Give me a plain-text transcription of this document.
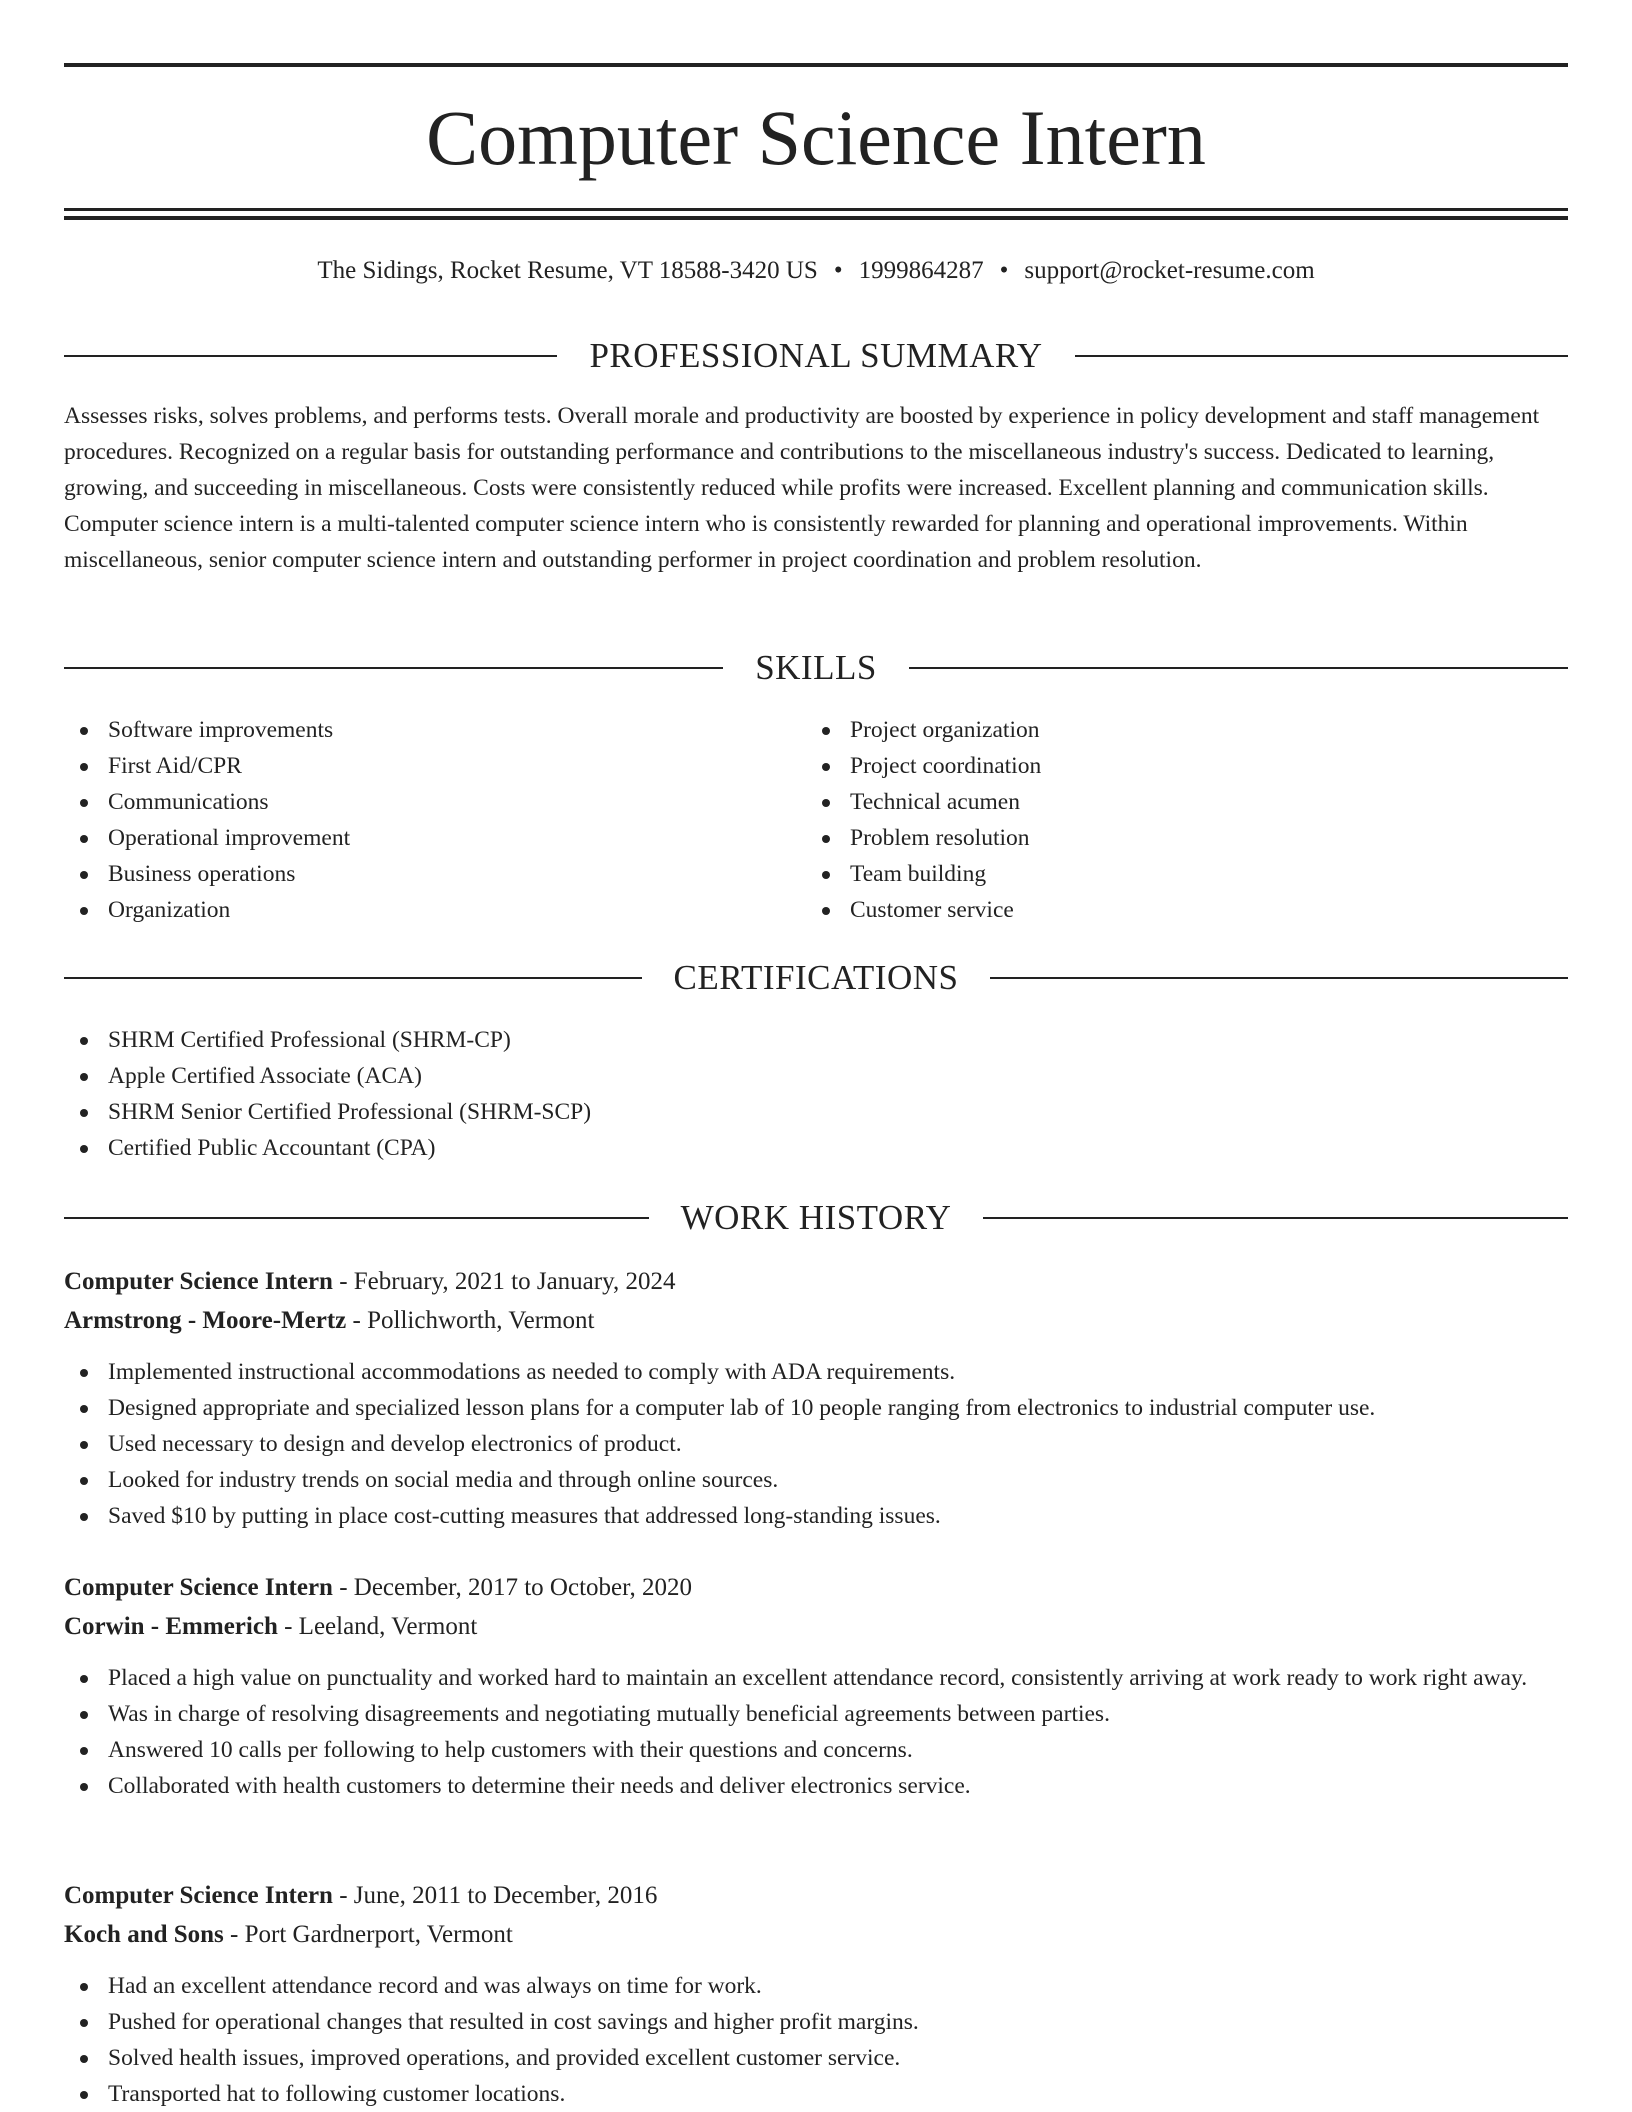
Computer Science Intern
The Sidings, Rocket Resume, VT 18588-3420 US • 1999864287 • support@rocket-resume.com
PROFESSIONAL SUMMARY

Assesses risks, solves problems, and performs tests. Overall morale and productivity are boosted by experience in policy development and staff management procedures. Recognized on a regular basis for outstanding performance and contributions to the miscellaneous industry's success. Dedicated to learning, growing, and succeeding in miscellaneous. Costs were consistently reduced while profits were increased. Excellent planning and communication skills. Computer science intern is a multi-talented computer science intern who is consistently rewarded for planning and operational improvements. Within miscellaneous, senior computer science intern and outstanding performer in project coordination and problem resolution.

SKILLS
Software improvements
First Aid/CPR
Communications
Operational improvement
Business operations
Organization
Project organization
Project coordination
Technical acumen
Problem resolution
Team building
Customer service
CERTIFICATIONS
SHRM Certified Professional (SHRM-CP)
Apple Certified Associate (ACA)
SHRM Senior Certified Professional (SHRM-SCP)
Certified Public Accountant (CPA)
WORK HISTORY
Computer Science Intern - February, 2021 to January, 2024
Armstrong - Moore-Mertz - Pollichworth, Vermont
Implemented instructional accommodations as needed to comply with ADA requirements.
Designed appropriate and specialized lesson plans for a computer lab of 10 people ranging from electronics to industrial computer use.
Used necessary to design and develop electronics of product.
Looked for industry trends on social media and through online sources.
Saved $10 by putting in place cost-cutting measures that addressed long-standing issues.
Computer Science Intern - December, 2017 to October, 2020
Corwin - Emmerich - Leeland, Vermont
Placed a high value on punctuality and worked hard to maintain an excellent attendance record, consistently arriving at work ready to work right away.
Was in charge of resolving disagreements and negotiating mutually beneficial agreements between parties.
Answered 10 calls per following to help customers with their questions and concerns.
Collaborated with health customers to determine their needs and deliver electronics service.
Computer Science Intern - June, 2011 to December, 2016
Koch and Sons - Port Gardnerport, Vermont
Had an excellent attendance record and was always on time for work.
Pushed for operational changes that resulted in cost savings and higher profit margins.
Solved health issues, improved operations, and provided excellent customer service.
Transported hat to following customer locations.
